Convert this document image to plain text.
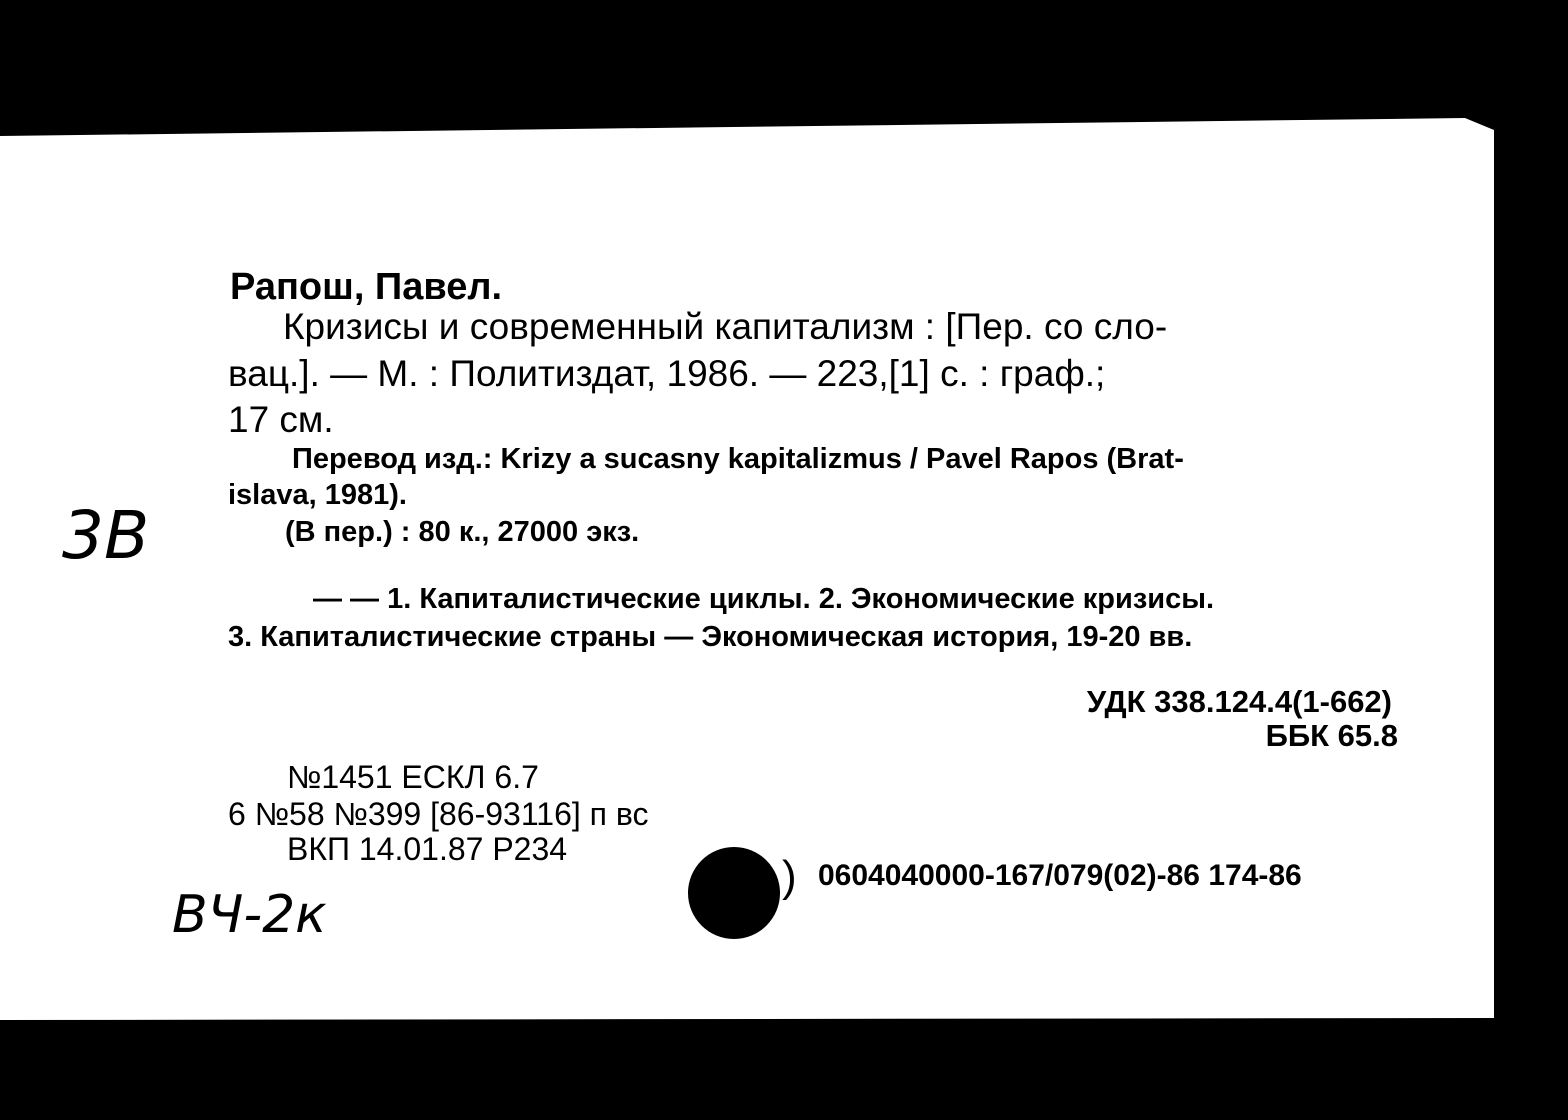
Рапош, Павел.

Кризисы и современный капитализм : [Пер. со сло-

вац.]. — М. : Политиздат, 1986. — 223,[1] с. : граф.;

17 см.

Перевод изд.: Krizy a sucasny kapitalizmus / Pavel Rapos (Brat-

islava, 1981).

(В пер.) : 80 к., 27000 экз.

— — 1. Капиталистические циклы. 2. Экономические кризисы.

3. Капиталистические страны — Экономическая история, 19-20 вв.

УДК 338.124.4(1-662)

ББК 65.8

№1451 ЕСКЛ 6.7

6 №58 №399 [86-93116] п вс

ВКП 14.01.87 Р234

) 0604040000-167/079(02)-86 174-86

3В

ВЧ-2к
